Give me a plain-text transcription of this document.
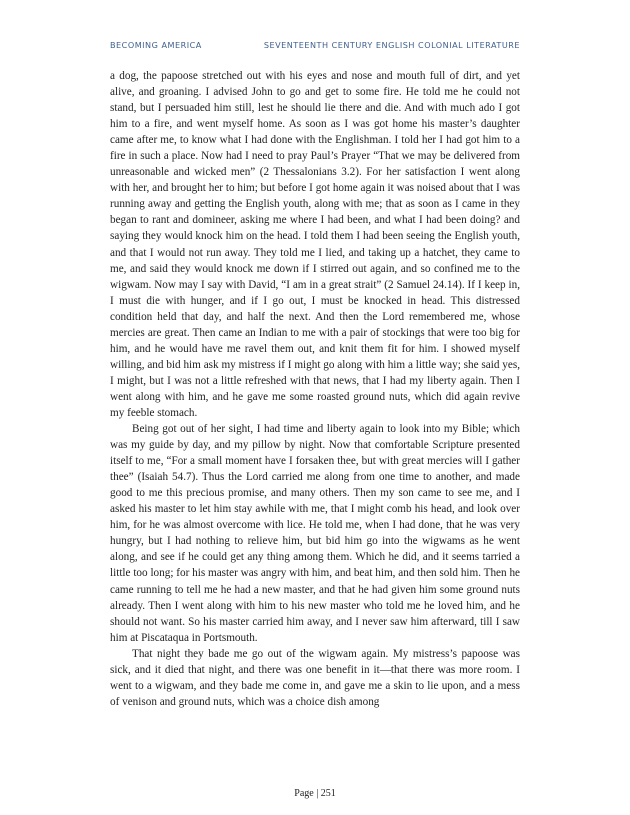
BECOMING AMERICA	SEVENTEENTH CENTURY ENGLISH COLONIAL LITERATURE

a dog, the papoose stretched out with his eyes and nose and mouth full of dirt, and yet alive, and groaning. I advised John to go and get to some fire. He told me he could not stand, but I persuaded him still, lest he should lie there and die. And with much ado I got him to a fire, and went myself home. As soon as I was got home his master’s daughter came after me, to know what I had done with the Englishman. I told her I had got him to a fire in such a place. Now had I need to pray Paul’s Prayer “That we may be delivered from unreasonable and wicked men” (2 Thessalonians 3.2). For her satisfaction I went along with her, and brought her to him; but before I got home again it was noised about that I was running away and getting the English youth, along with me; that as soon as I came in they began to rant and domineer, asking me where I had been, and what I had been doing? and saying they would knock him on the head. I told them I had been seeing the English youth, and that I would not run away. They told me I lied, and taking up a hatchet, they came to me, and said they would knock me down if I stirred out again, and so confined me to the wigwam. Now may I say with David, “I am in a great strait” (2 Samuel 24.14). If I keep in, I must die with hunger, and if I go out, I must be knocked in head. This distressed condition held that day, and half the next. And then the Lord remembered me, whose mercies are great. Then came an Indian to me with a pair of stockings that were too big for him, and he would have me ravel them out, and knit them fit for him. I showed myself willing, and bid him ask my mistress if I might go along with him a little way; she said yes, I might, but I was not a little refreshed with that news, that I had my liberty again. Then I went along with him, and he gave me some roasted ground nuts, which did again revive my feeble stomach.

Being got out of her sight, I had time and liberty again to look into my Bible; which was my guide by day, and my pillow by night. Now that comfortable Scripture presented itself to me, “For a small moment have I forsaken thee, but with great mercies will I gather thee” (Isaiah 54.7). Thus the Lord carried me along from one time to another, and made good to me this precious promise, and many others. Then my son came to see me, and I asked his master to let him stay awhile with me, that I might comb his head, and look over him, for he was almost overcome with lice. He told me, when I had done, that he was very hungry, but I had nothing to relieve him, but bid him go into the wigwams as he went along, and see if he could get any thing among them. Which he did, and it seems tarried a little too long; for his master was angry with him, and beat him, and then sold him. Then he came running to tell me he had a new master, and that he had given him some ground nuts already. Then I went along with him to his new master who told me he loved him, and he should not want. So his master carried him away, and I never saw him afterward, till I saw him at Piscataqua in Portsmouth.

That night they bade me go out of the wigwam again. My mistress’s papoose was sick, and it died that night, and there was one benefit in it—that there was more room. I went to a wigwam, and they bade me come in, and gave me a skin to lie upon, and a mess of venison and ground nuts, which was a choice dish among

Page | 251
